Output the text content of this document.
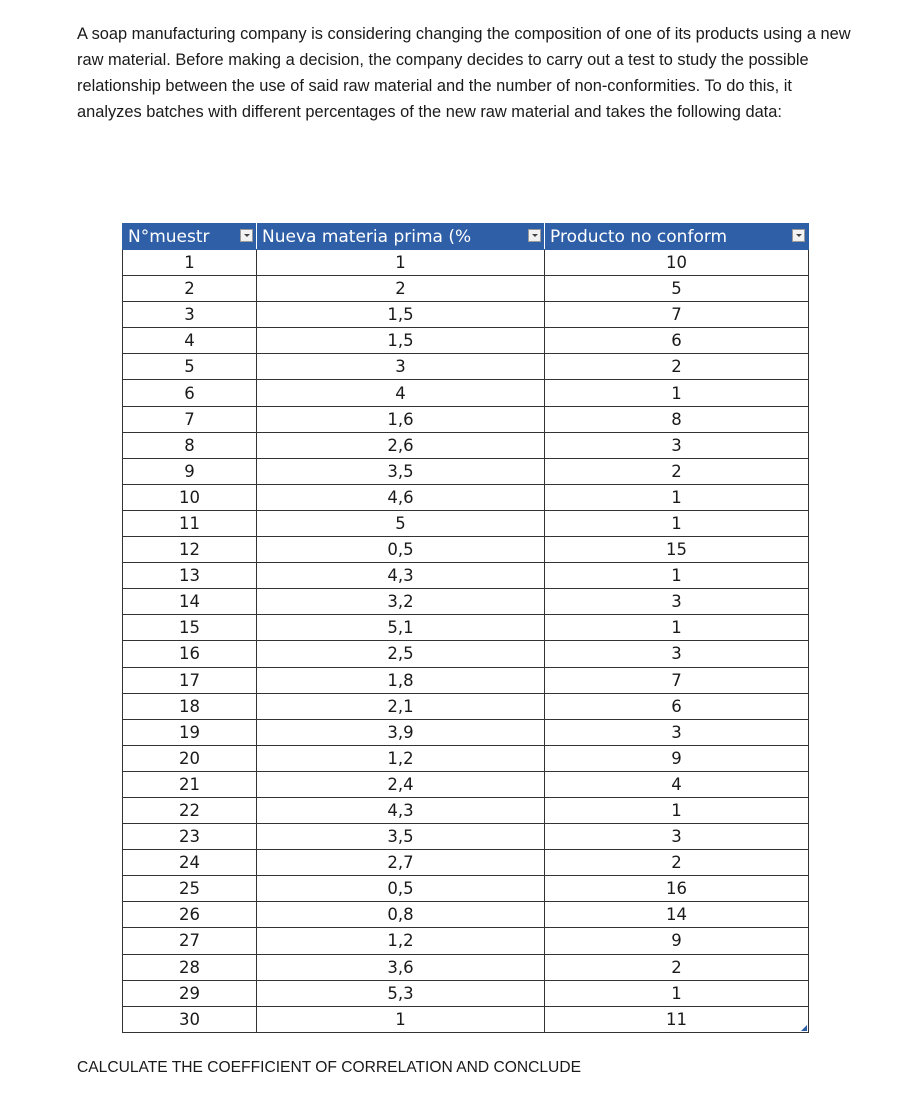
A soap manufacturing company is considering changing the composition of one of its products using a new raw material. Before making a decision, the company decides to carry out a test to study the possible relationship between the use of said raw material and the number of non-conformities. To do this, it analyzes batches with different percentages of the new raw material and takes the following data:

N°muestr	Nueva materia prima (%	Producto no conform

1	1	10
2	2	5
3	1,5	7
4	1,5	6
5	3	2
6	4	1
7	1,6	8
8	2,6	3
9	3,5	2
10	4,6	1
11	5	1
12	0,5	15
13	4,3	1
14	3,2	3
15	5,1	1
16	2,5	3
17	1,8	7
18	2,1	6
19	3,9	3
20	1,2	9
21	2,4	4
22	4,3	1
23	3,5	3
24	2,7	2
25	0,5	16
26	0,8	14
27	1,2	9
28	3,6	2
29	5,3	1
30	1	11

CALCULATE THE COEFFICIENT OF CORRELATION AND CONCLUDE
